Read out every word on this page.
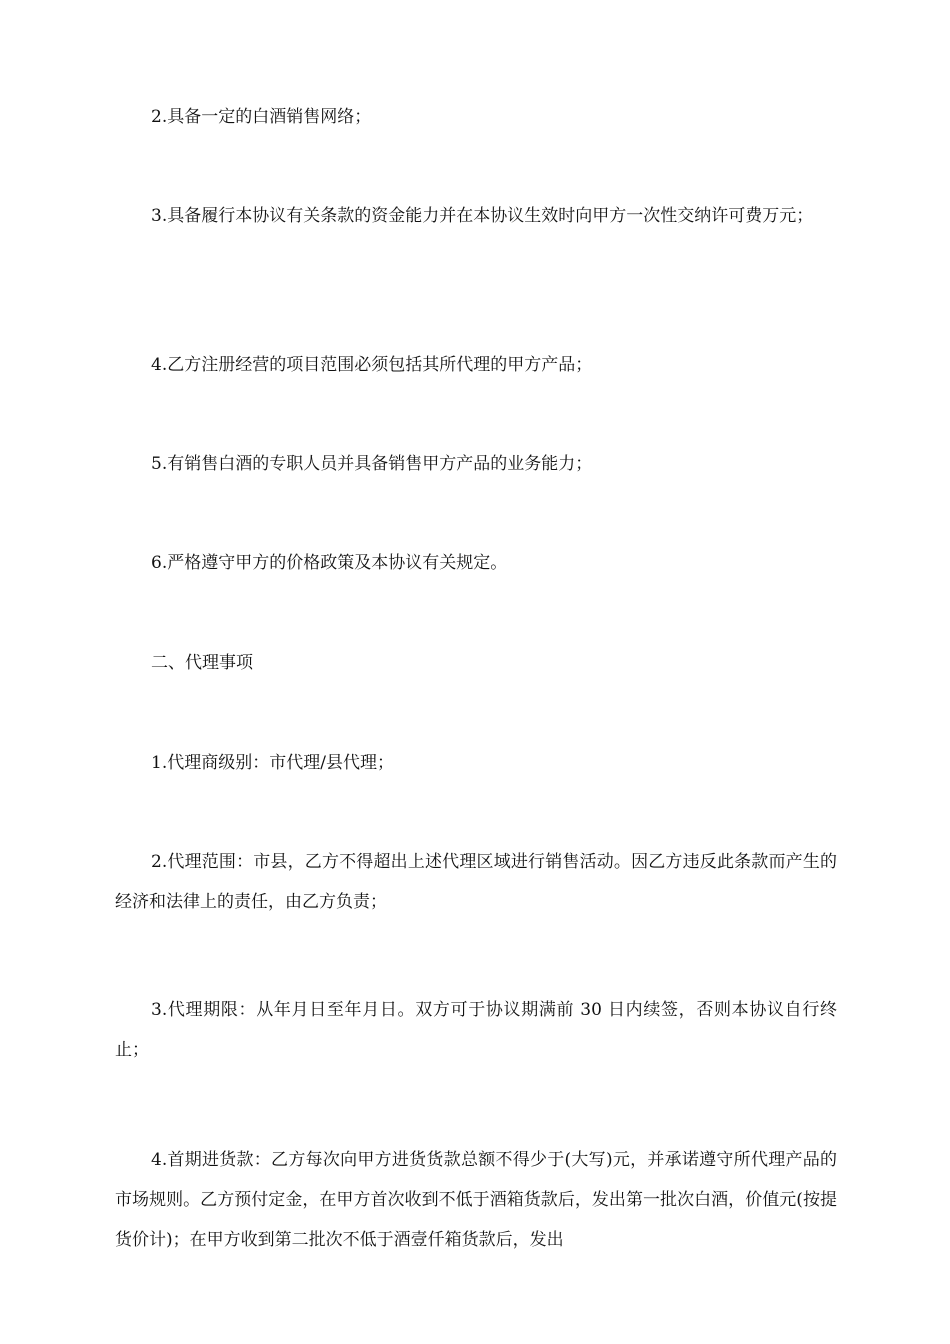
2.具备一定的白酒销售网络；

3.具备履行本协议有关条款的资金能力并在本协议生效时向甲方一次性交纳许可费万元；

4.乙方注册经营的项目范围必须包括其所代理的甲方产品；

5.有销售白酒的专职人员并具备销售甲方产品的业务能力；

6.严格遵守甲方的价格政策及本协议有关规定。

二、代理事项

1.代理商级别：市代理/县代理；

2.代理范围：市县，乙方不得超出上述代理区域进行销售活动。因乙方违反此条款而产生的经济和法律上的责任，由乙方负责；

3.代理期限：从年月日至年月日。双方可于协议期满前 30 日内续签，否则本协议自行终止；

4.首期进货款：乙方每次向甲方进货货款总额不得少于(大写)元，并承诺遵守所代理产品的市场规则。乙方预付定金，在甲方首次收到不低于酒箱货款后，发出第一批次白酒，价值元(按提货价计)；在甲方收到第二批次不低于酒壹仟箱货款后，发出
